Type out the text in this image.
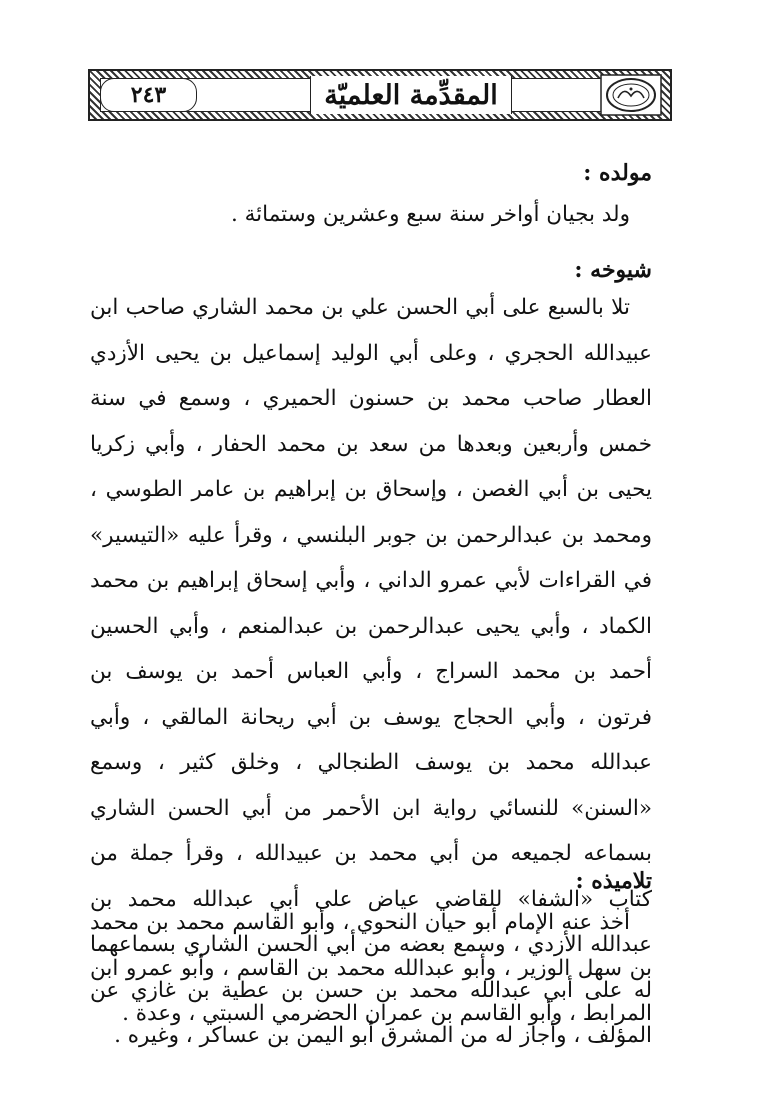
٢٤٣	المقدِّمة العلميّة
مولده :
ولد بجيان أواخر سنة سبع وعشرين وستمائة .
شيوخه :
تلا بالسبع على أبي الحسن علي بن محمد الشاري صاحب ابن عبيدالله الحجري ، وعلى أبي الوليد إسماعيل بن يحيى الأزدي العطار صاحب محمد بن حسنون الحميري ، وسمع في سنة خمس وأربعين وبعدها من سعد بن محمد الحفار ، وأبي زكريا يحيى بن أبي الغصن ، وإسحاق بن إبراهيم بن عامر الطوسي ، ومحمد بن عبدالرحمن بن جوبر البلنسي ، وقرأ عليه «التيسير» في القراءات لأبي عمرو الداني ، وأبي إسحاق إبراهيم بن محمد الكماد ، وأبي يحيى عبدالرحمن بن عبدالمنعم ، وأبي الحسين أحمد بن محمد السراج ، وأبي العباس أحمد بن يوسف بن فرتون ، وأبي الحجاج يوسف بن أبي ريحانة المالقي ، وأبي عبدالله محمد بن يوسف الطنجالي ، وخلق كثير ، وسمع «السنن» للنسائي رواية ابن الأحمر من أبي الحسن الشاري بسماعه لجميعه من أبي محمد بن عبيدالله ، وقرأ جملة من كتاب «الشفا» للقاضي عياض على أبي عبدالله محمد بن عبدالله الأزدي ، وسمع بعضه من أبي الحسن الشاري بسماعهما له على أبي عبدالله محمد بن حسن بن عطية بن غازي عن المؤلف ، وأجاز له من المشرق أبو اليمن بن عساكر ، وغيره .
تلاميذه :
أخذ عنه الإمام أبو حيان النحوي ، وأبو القاسم محمد بن محمد بن سهل الوزير ، وأبو عبدالله محمد بن القاسم ، وأبو عمرو ابن المرابط ، وأبو القاسم بن عمران الحضرمي السبتي ، وعدة .
